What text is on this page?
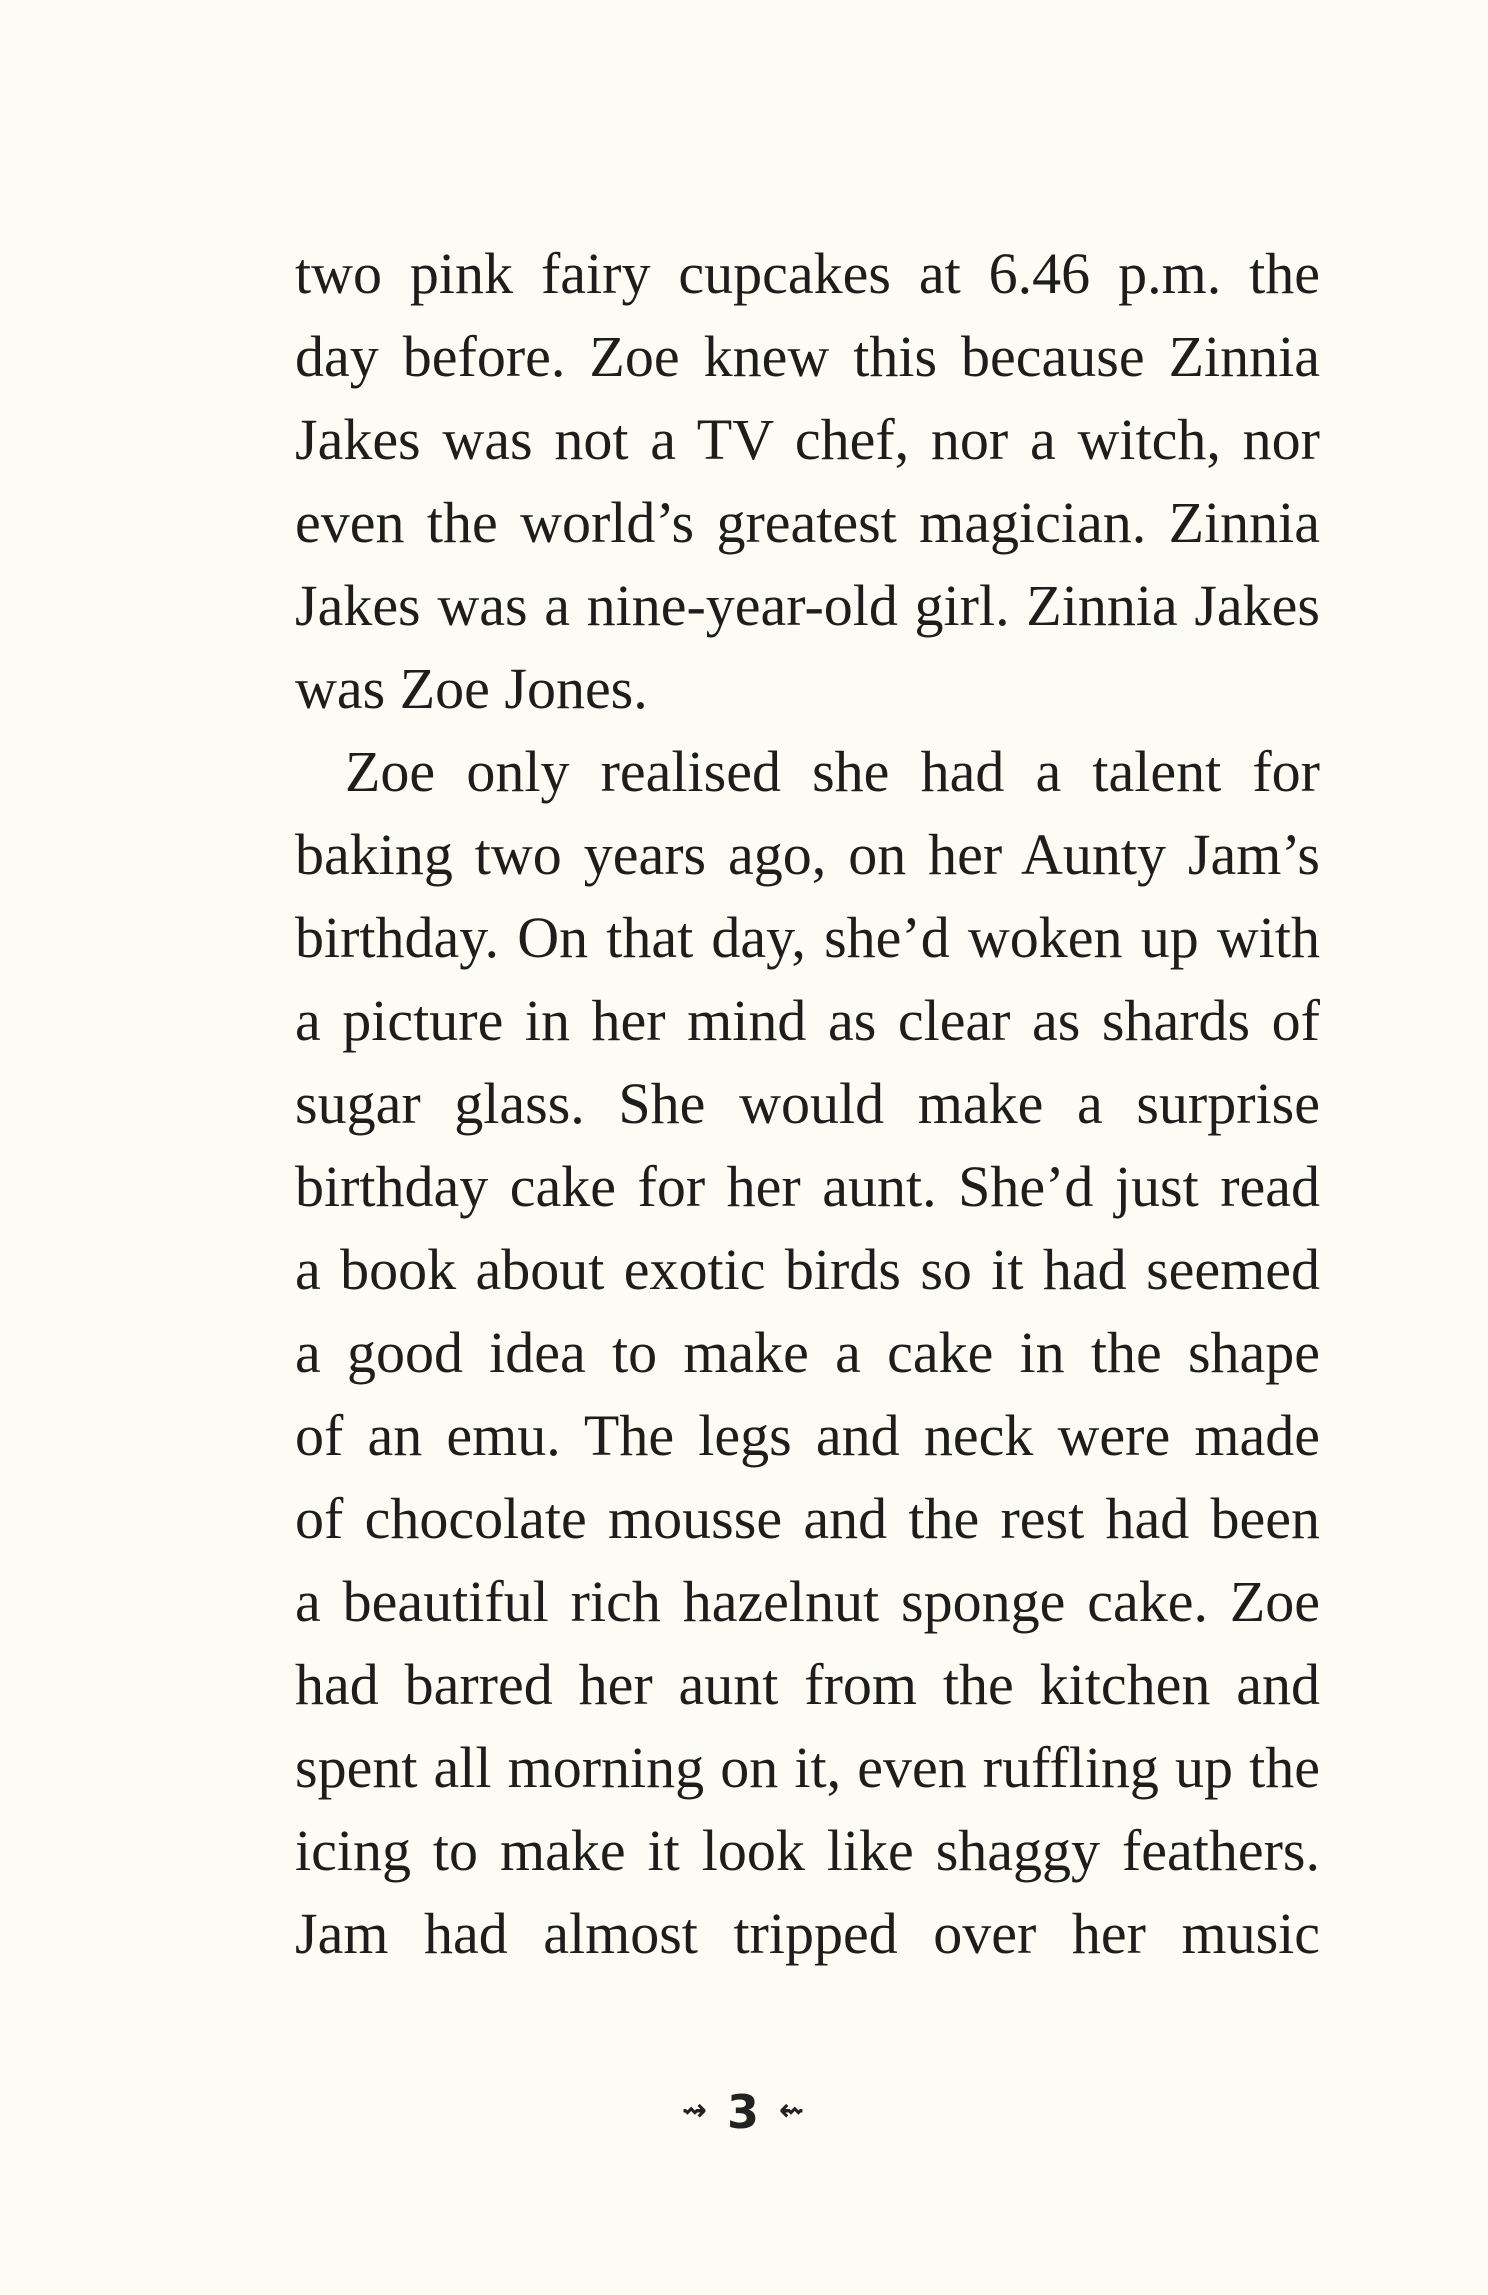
two pink fairy cupcakes at 6.46 p.m. the
day before. Zoe knew this because Zinnia
Jakes was not a TV chef, nor a witch, nor
even the world’s greatest magician. Zinnia
Jakes was a nine-year-old girl. Zinnia Jakes
was Zoe Jones.
Zoe only realised she had a talent for
baking two years ago, on her Aunty Jam’s
birthday. On that day, she’d woken up with
a picture in her mind as clear as shards of
sugar glass. She would make a surprise
birthday cake for her aunt. She’d just read
a book about exotic birds so it had seemed
a good idea to make a cake in the shape
of an emu. The legs and neck were made
of chocolate mousse and the rest had been
a beautiful rich hazelnut sponge cake. Zoe
had barred her aunt from the kitchen and
spent all morning on it, even ruffling up the
icing to make it look like shaggy feathers.
Jam had almost tripped over her music
⇝ 3 ⇜
